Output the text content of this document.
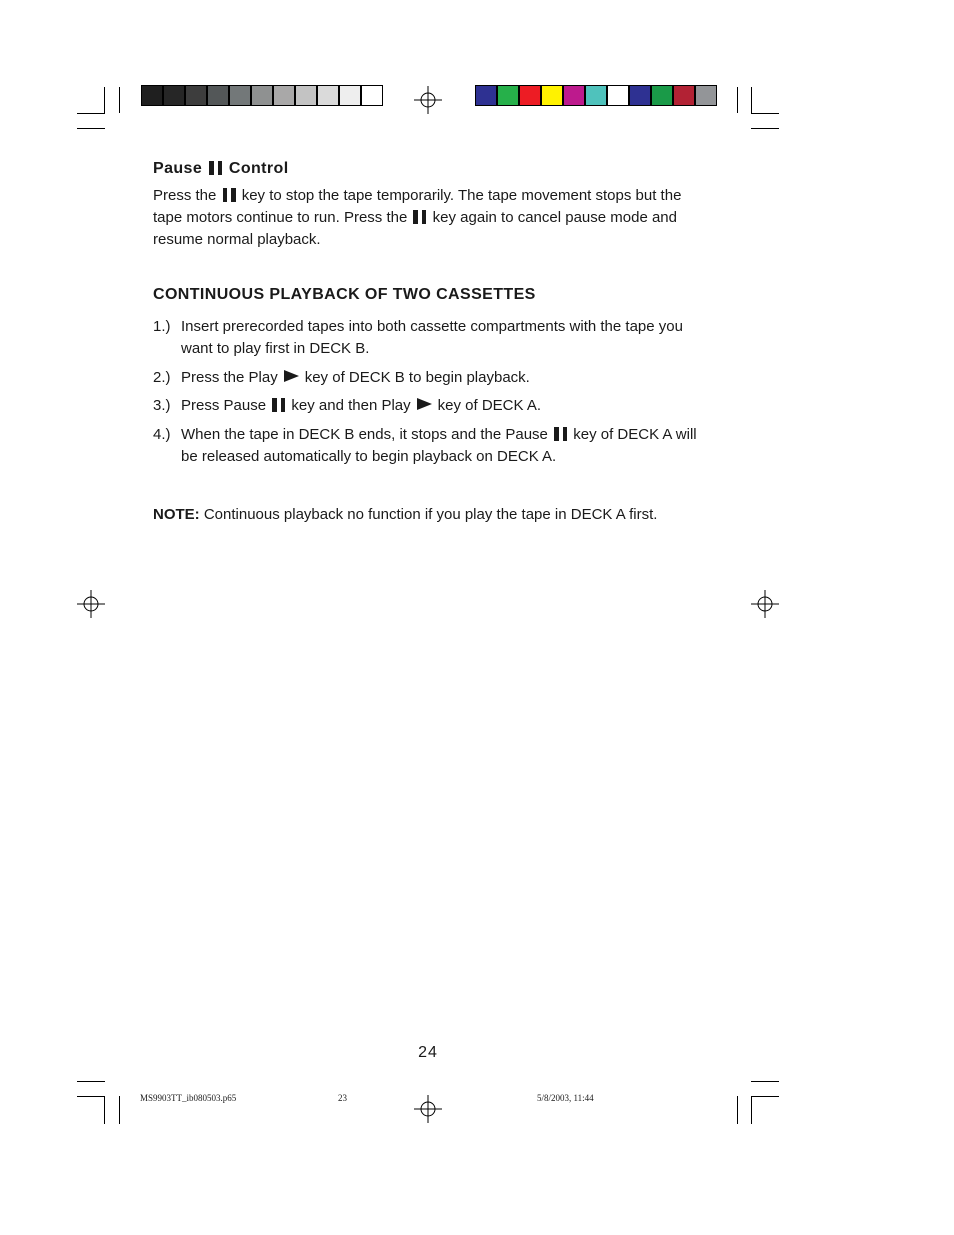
Pause Control

Press the key to stop the tape temporarily. The tape movement stops but the tape motors continue to run. Press the key again to cancel pause mode and resume normal playback.

CONTINUOUS PLAYBACK OF TWO CASSETTES
1.) Insert prerecorded tapes into both cassette compartments with the tape you want to play first in DECK B.
2.) Press the Play key of DECK B to begin playback.
3.) Press Pause key and then Play key of DECK A.
4.) When the tape in DECK B ends, it stops and the Pause key of DECK A will be released automatically to begin playback on DECK A.

NOTE: Continuous playback no function if you play the tape in DECK A first.

24
MS9903TT_ib080503.p65	23	5/8/2003, 11:44
